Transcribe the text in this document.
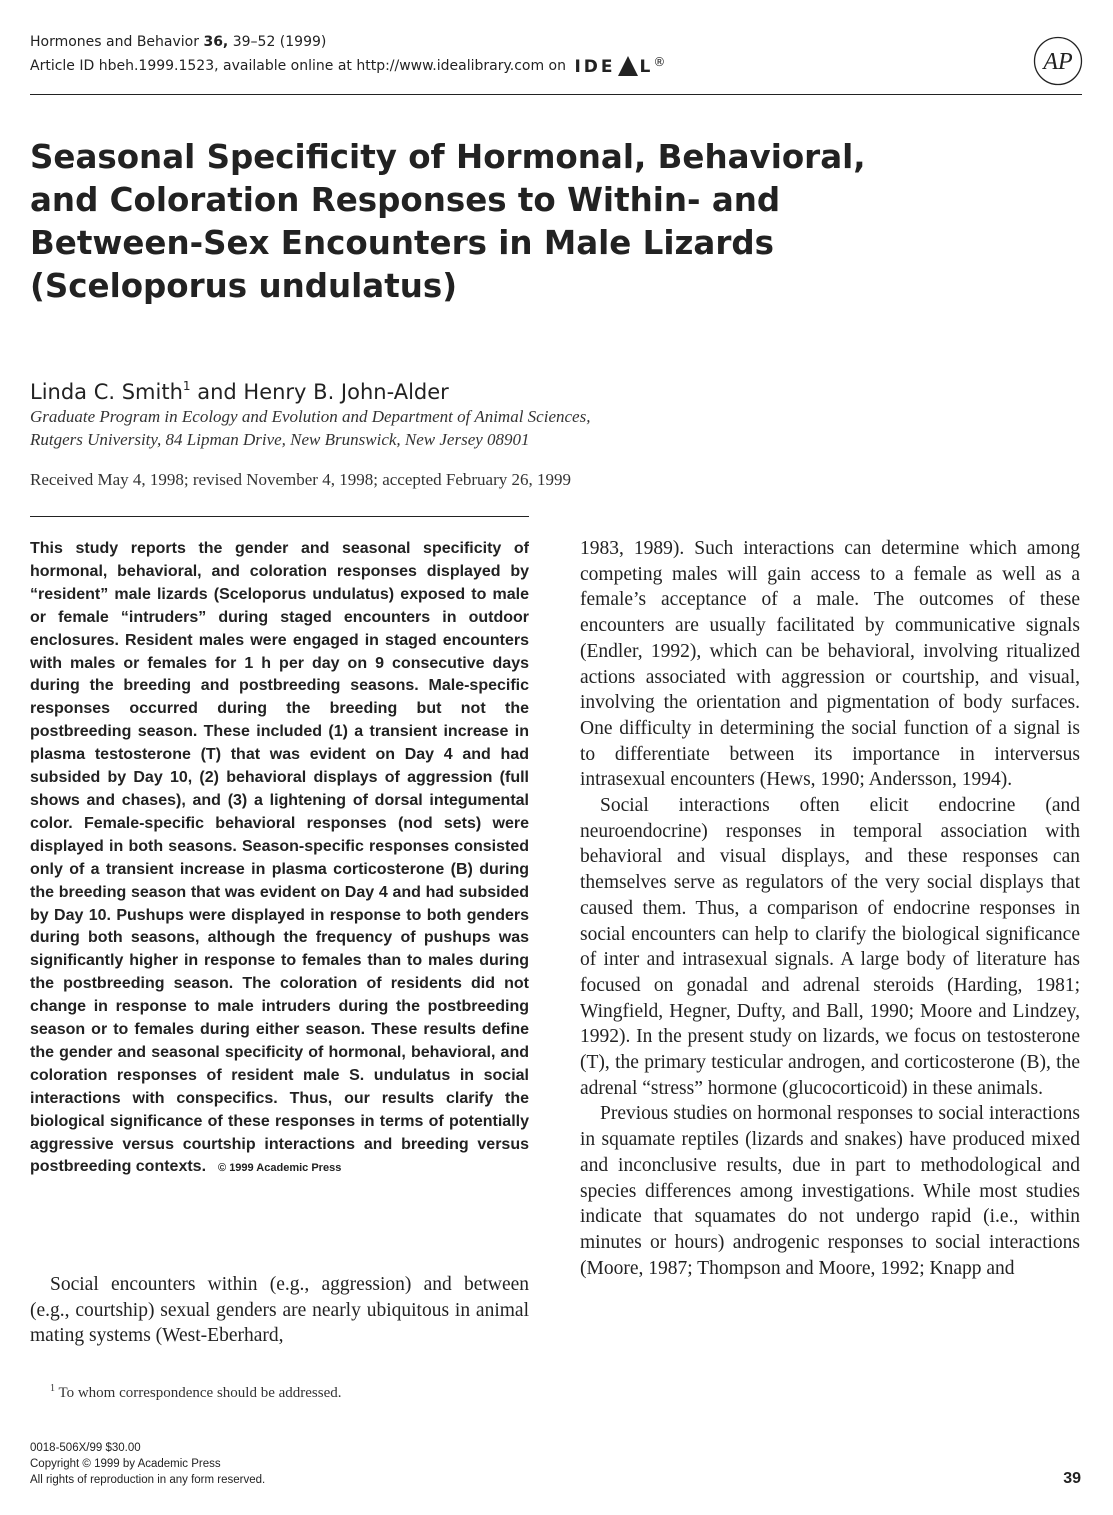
Hormones and Behavior 36, 39–52 (1999)
Article ID hbeh.1999.1523, available online at http://www.idealibrary.com on IDE L®	AP
Seasonal Specificity of Hormonal, Behavioral, and Coloration Responses to Within- and Between-Sex Encounters in Male Lizards (Sceloporus undulatus)
Linda C. Smith$^1$ and Henry B. John-Alder
Graduate Program in Ecology and Evolution and Department of Animal Sciences,
Rutgers University, 84 Lipman Drive, New Brunswick, New Jersey 08901
Received May 4, 1998; revised November 4, 1998; accepted February 26, 1999

This study reports the gender and seasonal specificity of hormonal, behavioral, and coloration responses displayed by “resident” male lizards (Sceloporus undulatus) exposed to male or female “intruders” during staged encounters in outdoor enclosures. Resident males were engaged in staged encounters with males or females for 1 h per day on 9 consecutive days during the breeding and postbreeding seasons. Male-specific responses occurred during the breeding but not the postbreeding season. These included (1) a transient increase in plasma testosterone (T) that was evident on Day 4 and had subsided by Day 10, (2) behavioral displays of aggression (full shows and chases), and (3) a lightening of dorsal integumental color. Female-specific behavioral responses (nod sets) were displayed in both seasons. Season-specific responses consisted only of a transient increase in plasma corticosterone (B) during the breeding season that was evident on Day 4 and had subsided by Day 10. Pushups were displayed in response to both genders during both seasons, although the frequency of pushups was significantly higher in response to females than to males during the postbreeding season. The coloration of residents did not change in response to male intruders during the postbreeding season or to females during either season. These results define the gender and seasonal specificity of hormonal, behavioral, and coloration responses of resident male S. undulatus in social interactions with conspecifics. Thus, our results clarify the biological significance of these responses in terms of potentially aggressive versus courtship interactions and breeding versus postbreeding contexts. © 1999 Academic Press

Social encounters within (e.g., aggression) and between (e.g., courtship) sexual genders are nearly ubiquitous in animal mating systems (West-Eberhard,

$^1$ To whom correspondence should be addressed.

1983, 1989). Such interactions can determine which among competing males will gain access to a female as well as a female’s acceptance of a male. The outcomes of these encounters are usually facilitated by communicative signals (Endler, 1992), which can be behavioral, involving ritualized actions associated with aggression or courtship, and visual, involving the orientation and pigmentation of body surfaces. One difficulty in determining the social function of a signal is to differentiate between its importance in interversus intrasexual encounters (Hews, 1990; Andersson, 1994).

Social interactions often elicit endocrine (and neuroendocrine) responses in temporal association with behavioral and visual displays, and these responses can themselves serve as regulators of the very social displays that caused them. Thus, a comparison of endocrine responses in social encounters can help to clarify the biological significance of inter and intrasexual signals. A large body of literature has focused on gonadal and adrenal steroids (Harding, 1981; Wingfield, Hegner, Dufty, and Ball, 1990; Moore and Lindzey, 1992). In the present study on lizards, we focus on testosterone (T), the primary testicular androgen, and corticosterone (B), the adrenal “stress” hormone (glucocorticoid) in these animals.

Previous studies on hormonal responses to social interactions in squamate reptiles (lizards and snakes) have produced mixed and inconclusive results, due in part to methodological and species differences among investigations. While most studies indicate that squamates do not undergo rapid (i.e., within minutes or hours) androgenic responses to social interactions (Moore, 1987; Thompson and Moore, 1992; Knapp and

0018-506X/99 $30.00
Copyright © 1999 by Academic Press
All rights of reproduction in any form reserved.	39
